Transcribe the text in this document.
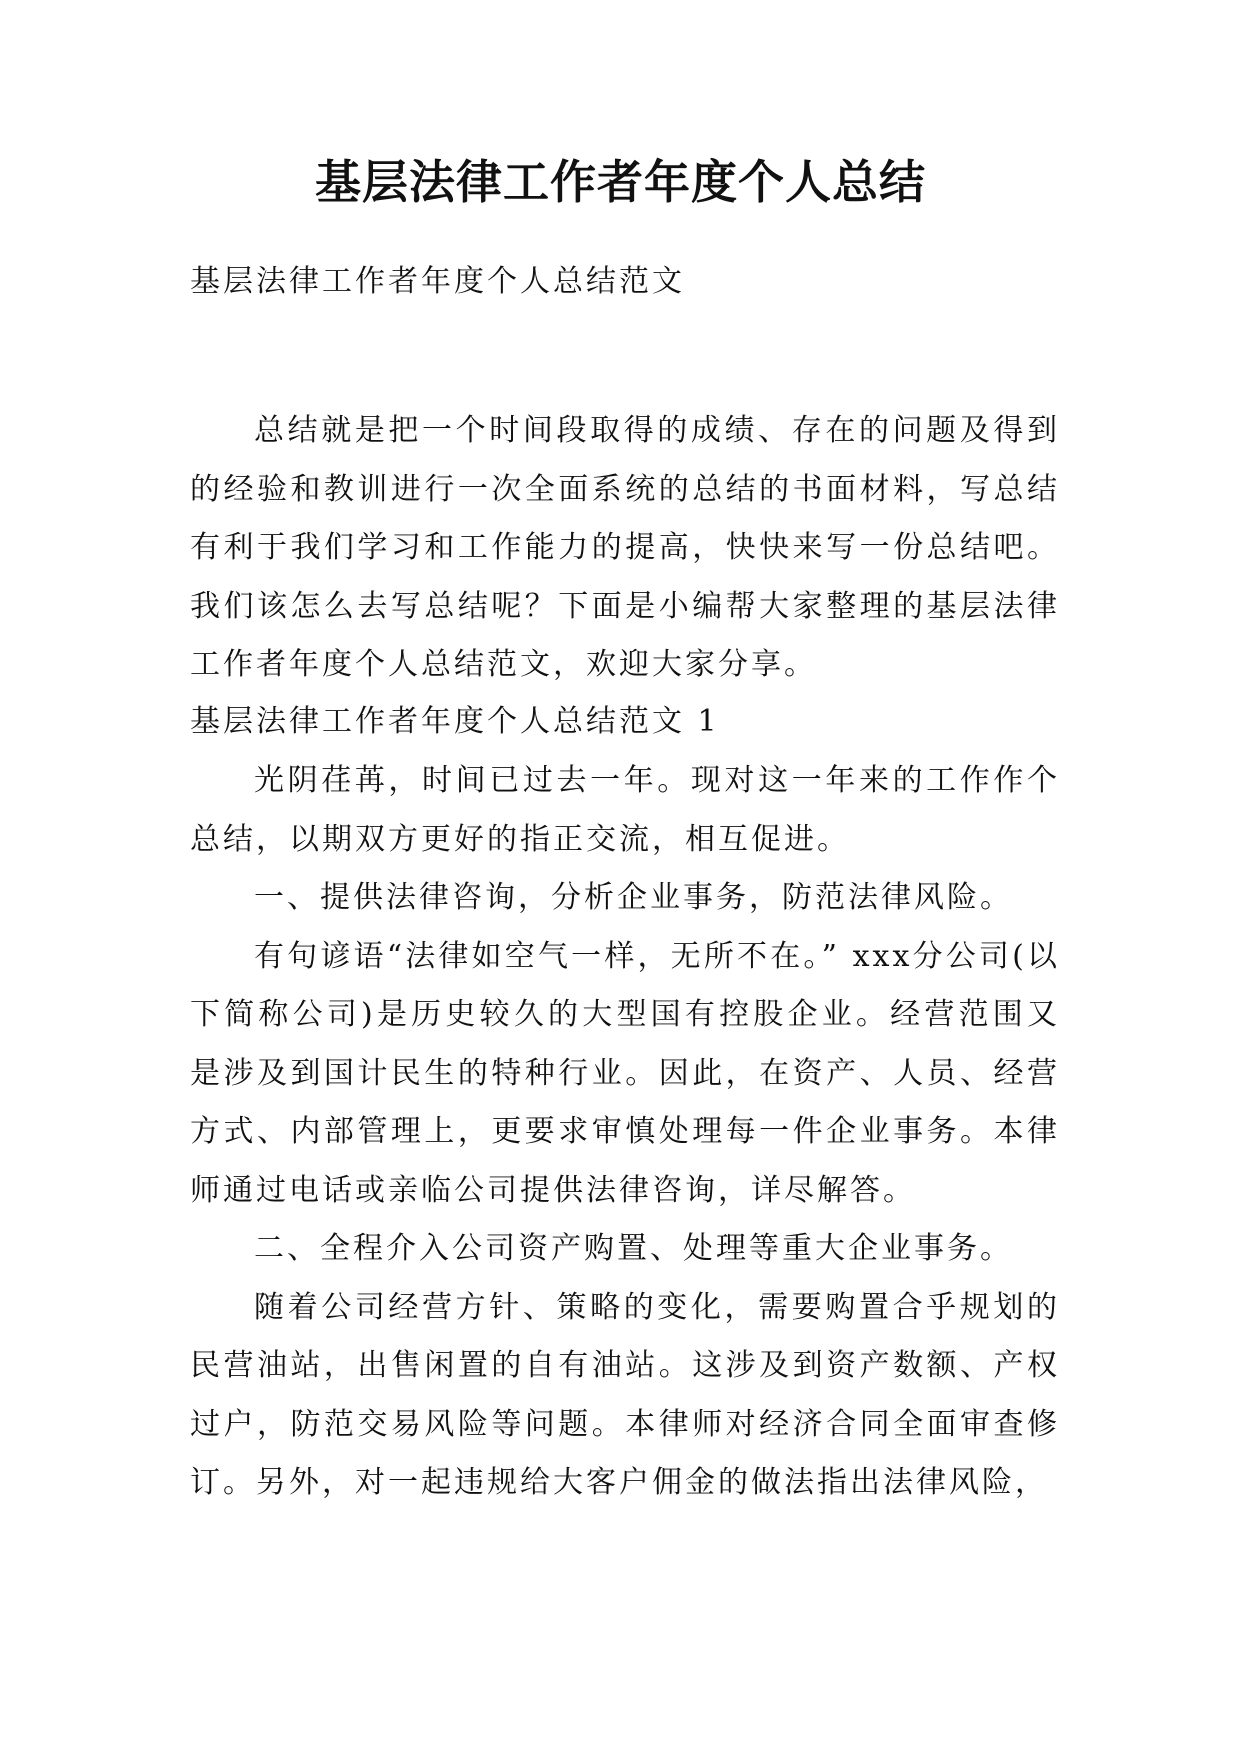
基层法律工作者年度个人总结
基层法律工作者年度个人总结范文

总结就是把一个时间段取得的成绩、存在的问题及得到的经验和教训进行一次全面系统的总结的书面材料，写总结有利于我们学习和工作能力的提高，快快来写一份总结吧。我们该怎么去写总结呢？下面是小编帮大家整理的基层法律工作者年度个人总结范文，欢迎大家分享。

基层法律工作者年度个人总结范文 1

光阴荏苒，时间已过去一年。现对这一年来的工作作个总结，以期双方更好的指正交流，相互促进。

一、提供法律咨询，分析企业事务，防范法律风险。

有句谚语“法律如空气一样，无所不在。” xxx分公司(以下简称公司)是历史较久的大型国有控股企业。经营范围又是涉及到国计民生的特种行业。因此，在资产、人员、经营方式、内部管理上，更要求审慎处理每一件企业事务。本律师通过电话或亲临公司提供法律咨询，详尽解答。

二、全程介入公司资产购置、处理等重大企业事务。

随着公司经营方针、策略的变化，需要购置合乎规划的民营油站，出售闲置的自有油站。这涉及到资产数额、产权过户，防范交易风险等问题。本律师对经济合同全面审查修订。另外，对一起违规给大客户佣金的做法指出法律风险，
